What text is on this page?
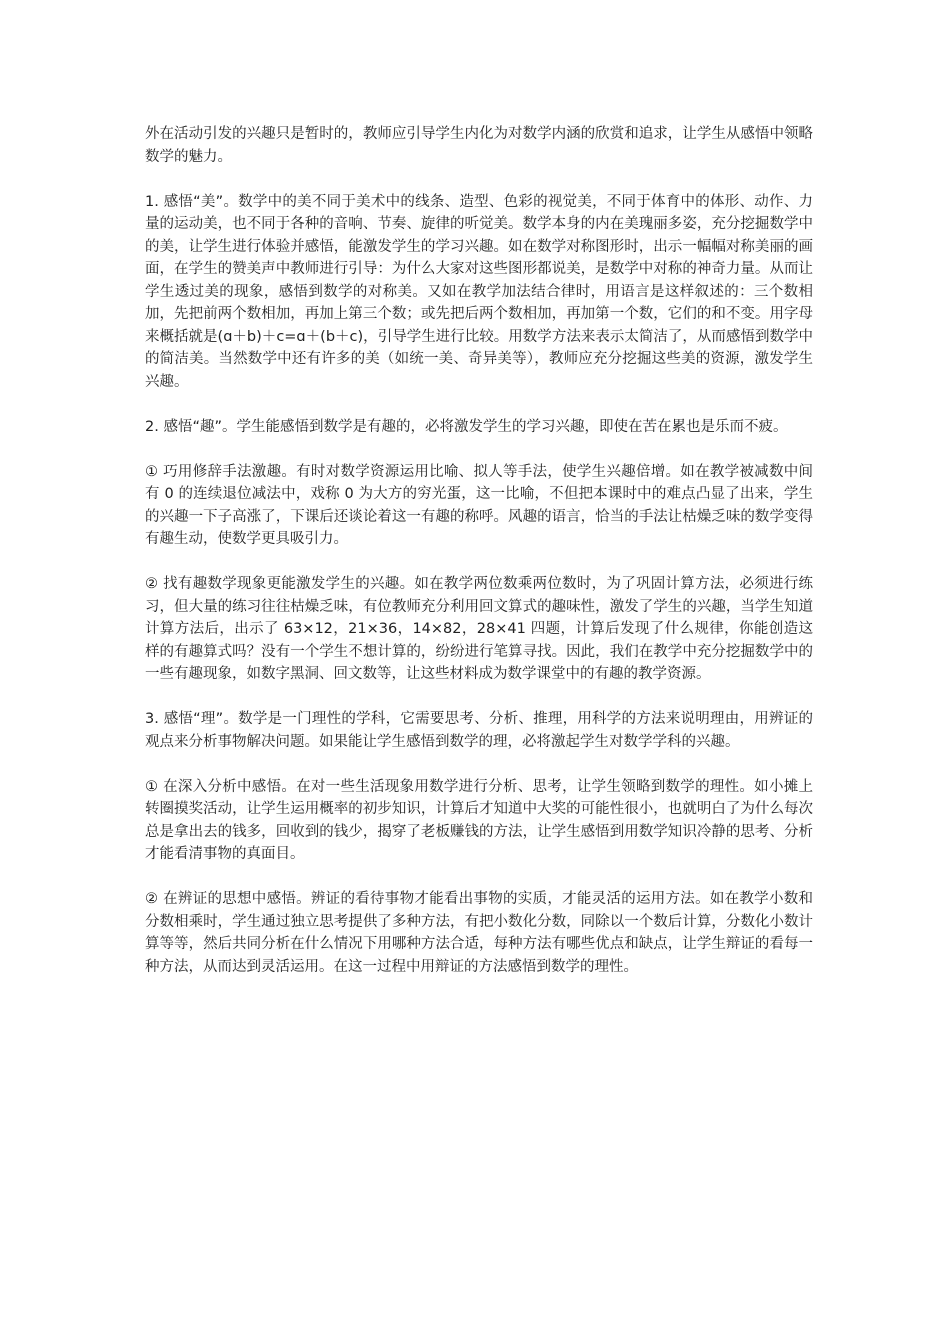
外在活动引发的兴趣只是暂时的，教师应引导学生内化为对数学内涵的欣赏和追求，让学生从感悟中领略数学的魅力。

1. 感悟“美”。数学中的美不同于美术中的线条、造型、色彩的视觉美，不同于体育中的体形、动作、力量的运动美，也不同于各种的音响、节奏、旋律的听觉美。数学本身的内在美瑰丽多姿，充分挖掘数学中的美，让学生进行体验并感悟，能激发学生的学习兴趣。如在数学对称图形时，出示一幅幅对称美丽的画面，在学生的赞美声中教师进行引导：为什么大家对这些图形都说美，是数学中对称的神奇力量。从而让学生透过美的现象，感悟到数学的对称美。又如在教学加法结合律时，用语言是这样叙述的：三个数相加，先把前两个数相加，再加上第三个数；或先把后两个数相加，再加第一个数，它们的和不变。用字母来概括就是(ɑ＋b)＋c=ɑ＋(b＋c)，引导学生进行比较。用数学方法来表示太简洁了，从而感悟到数学中的简洁美。当然数学中还有许多的美（如统一美、奇异美等），教师应充分挖掘这些美的资源，激发学生兴趣。

2. 感悟“趣”。学生能感悟到数学是有趣的，必将激发学生的学习兴趣，即使在苦在累也是乐而不疲。

① 巧用修辞手法激趣。有时对数学资源运用比喻、拟人等手法，使学生兴趣倍增。如在教学被减数中间有 0 的连续退位减法中，戏称 0 为大方的穷光蛋，这一比喻，不但把本课时中的难点凸显了出来，学生的兴趣一下子高涨了，下课后还谈论着这一有趣的称呼。风趣的语言，恰当的手法让枯燥乏味的数学变得有趣生动，使数学更具吸引力。

② 找有趣数学现象更能激发学生的兴趣。如在教学两位数乘两位数时，为了巩固计算方法，必须进行练习，但大量的练习往往枯燥乏味，有位教师充分利用回文算式的趣味性，激发了学生的兴趣，当学生知道计算方法后，出示了 63×12，21×36，14×82，28×41 四题，计算后发现了什么规律，你能创造这样的有趣算式吗？没有一个学生不想计算的，纷纷进行笔算寻找。因此，我们在教学中充分挖掘数学中的一些有趣现象，如数字黑洞、回文数等，让这些材料成为数学课堂中的有趣的教学资源。

3. 感悟“理”。数学是一门理性的学科，它需要思考、分析、推理，用科学的方法来说明理由，用辨证的观点来分析事物解决问题。如果能让学生感悟到数学的理，必将激起学生对数学学科的兴趣。

① 在深入分析中感悟。在对一些生活现象用数学进行分析、思考，让学生领略到数学的理性。如小摊上转圈摸奖活动，让学生运用概率的初步知识，计算后才知道中大奖的可能性很小，也就明白了为什么每次总是拿出去的钱多，回收到的钱少，揭穿了老板赚钱的方法，让学生感悟到用数学知识冷静的思考、分析才能看清事物的真面目。

② 在辨证的思想中感悟。辨证的看待事物才能看出事物的实质，才能灵活的运用方法。如在教学小数和分数相乘时，学生通过独立思考提供了多种方法，有把小数化分数，同除以一个数后计算，分数化小数计算等等，然后共同分析在什么情况下用哪种方法合适，每种方法有哪些优点和缺点，让学生辩证的看每一种方法，从而达到灵活运用。在这一过程中用辩证的方法感悟到数学的理性。
